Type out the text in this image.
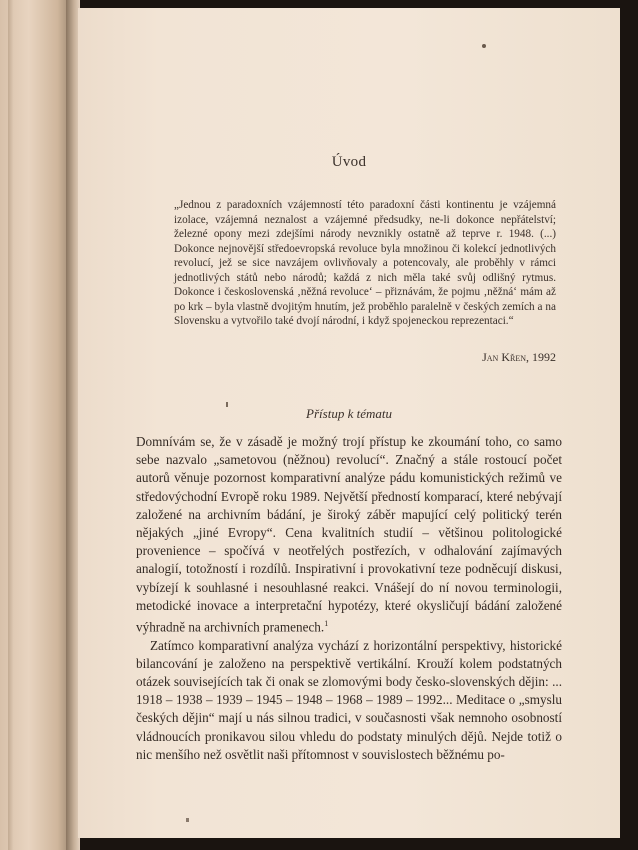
Úvod
„Jednou z paradoxních vzájemností této paradoxní části kontinentu je vzájemná izolace, vzájemná neznalost a vzájemné předsudky, ne-li dokonce nepřátelství; železné opony mezi zdejšími národy nevznikly ostatně až teprve r. 1948. (...) Dokonce nejnovější středoevropská revoluce byla množinou či kolekcí jednotlivých revolucí, jež se sice navzájem ovlivňovaly a potencovaly, ale proběhly v rámci jednotlivých států nebo národů; každá z nich měla také svůj odlišný rytmus. Dokonce i československá ‚něžná revoluce‘ – přiznávám, že pojmu ‚něžná‘ mám až po krk – byla vlastně dvojitým hnutím, jež proběhlo paralelně v českých zemích a na Slovensku a vytvořilo také dvojí národní, i když spojeneckou reprezentaci.“
Jan Křen, 1992
Přístup k tématu

Domnívám se, že v zásadě je možný trojí přístup ke zkoumání toho, co samo sebe nazvalo „sametovou (něžnou) revolucí“. Značný a stále rostoucí počet autorů věnuje pozornost komparativní analýze pádu komunistických režimů ve středovýchodní Evropě roku 1989. Největší předností komparací, které nebývají založené na archivním bádání, je široký záběr mapující celý politický terén nějakých „jiné Evropy“. Cena kvalitních studií – většinou politologické provenience – spočívá v neotřelých postřezích, v odhalování zajímavých analogií, totožností i rozdílů. Inspirativní i provokativní teze podněcují diskusi, vybízejí k souhlasné i nesouhlasné reakci. Vnášejí do ní novou terminologii, metodické inovace a interpretační hypotézy, které okysličují bádání založené výhradně na archivních pramenech.$^1$

Zatímco komparativní analýza vychází z horizontální perspektivy, historické bilancování je založeno na perspektivě vertikální. Krouží kolem podstatných otázek souvisejících tak či onak se zlomovými body česko-slovenských dějin: ... 1918 – 1938 – 1939 – 1945 – 1948 – 1968 – 1989 – 1992... Meditace o „smyslu českých dějin“ mají u nás silnou tradici, v současnosti však nemnoho osobností vládnoucích pronikavou silou vhledu do podstaty minulých dějů. Nejde totiž o nic menšího než osvětlit naši přítomnost v souvislostech běžnému po-
